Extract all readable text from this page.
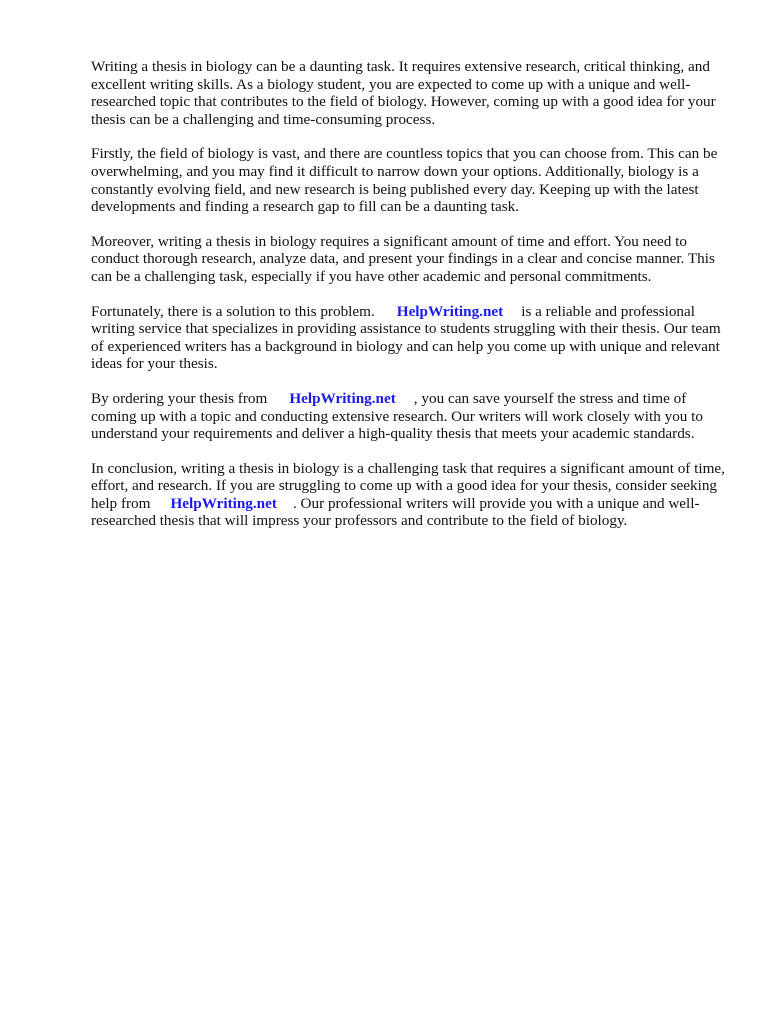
Writing a thesis in biology can be a daunting task. It requires extensive research, critical thinking, and excellent writing skills. As a biology student, you are expected to come up with a unique and well-researched topic that contributes to the field of biology. However, coming up with a good idea for your thesis can be a challenging and time-consuming process.

Firstly, the field of biology is vast, and there are countless topics that you can choose from. This can be overwhelming, and you may find it difficult to narrow down your options. Additionally, biology is a constantly evolving field, and new research is being published every day. Keeping up with the latest developments and finding a research gap to fill can be a daunting task.

Moreover, writing a thesis in biology requires a significant amount of time and effort. You need to conduct thorough research, analyze data, and present your findings in a clear and concise manner. This can be a challenging task, especially if you have other academic and personal commitments.

Fortunately, there is a solution to this problem. HelpWriting.net is a reliable and professional writing service that specializes in providing assistance to students struggling with their thesis. Our team of experienced writers has a background in biology and can help you come up with unique and relevant ideas for your thesis.

By ordering your thesis from HelpWriting.net , you can save yourself the stress and time of coming up with a topic and conducting extensive research. Our writers will work closely with you to understand your requirements and deliver a high-quality thesis that meets your academic standards.

In conclusion, writing a thesis in biology is a challenging task that requires a significant amount of time, effort, and research. If you are struggling to come up with a good idea for your thesis, consider seeking help from HelpWriting.net . Our professional writers will provide you with a unique and well-researched thesis that will impress your professors and contribute to the field of biology.
